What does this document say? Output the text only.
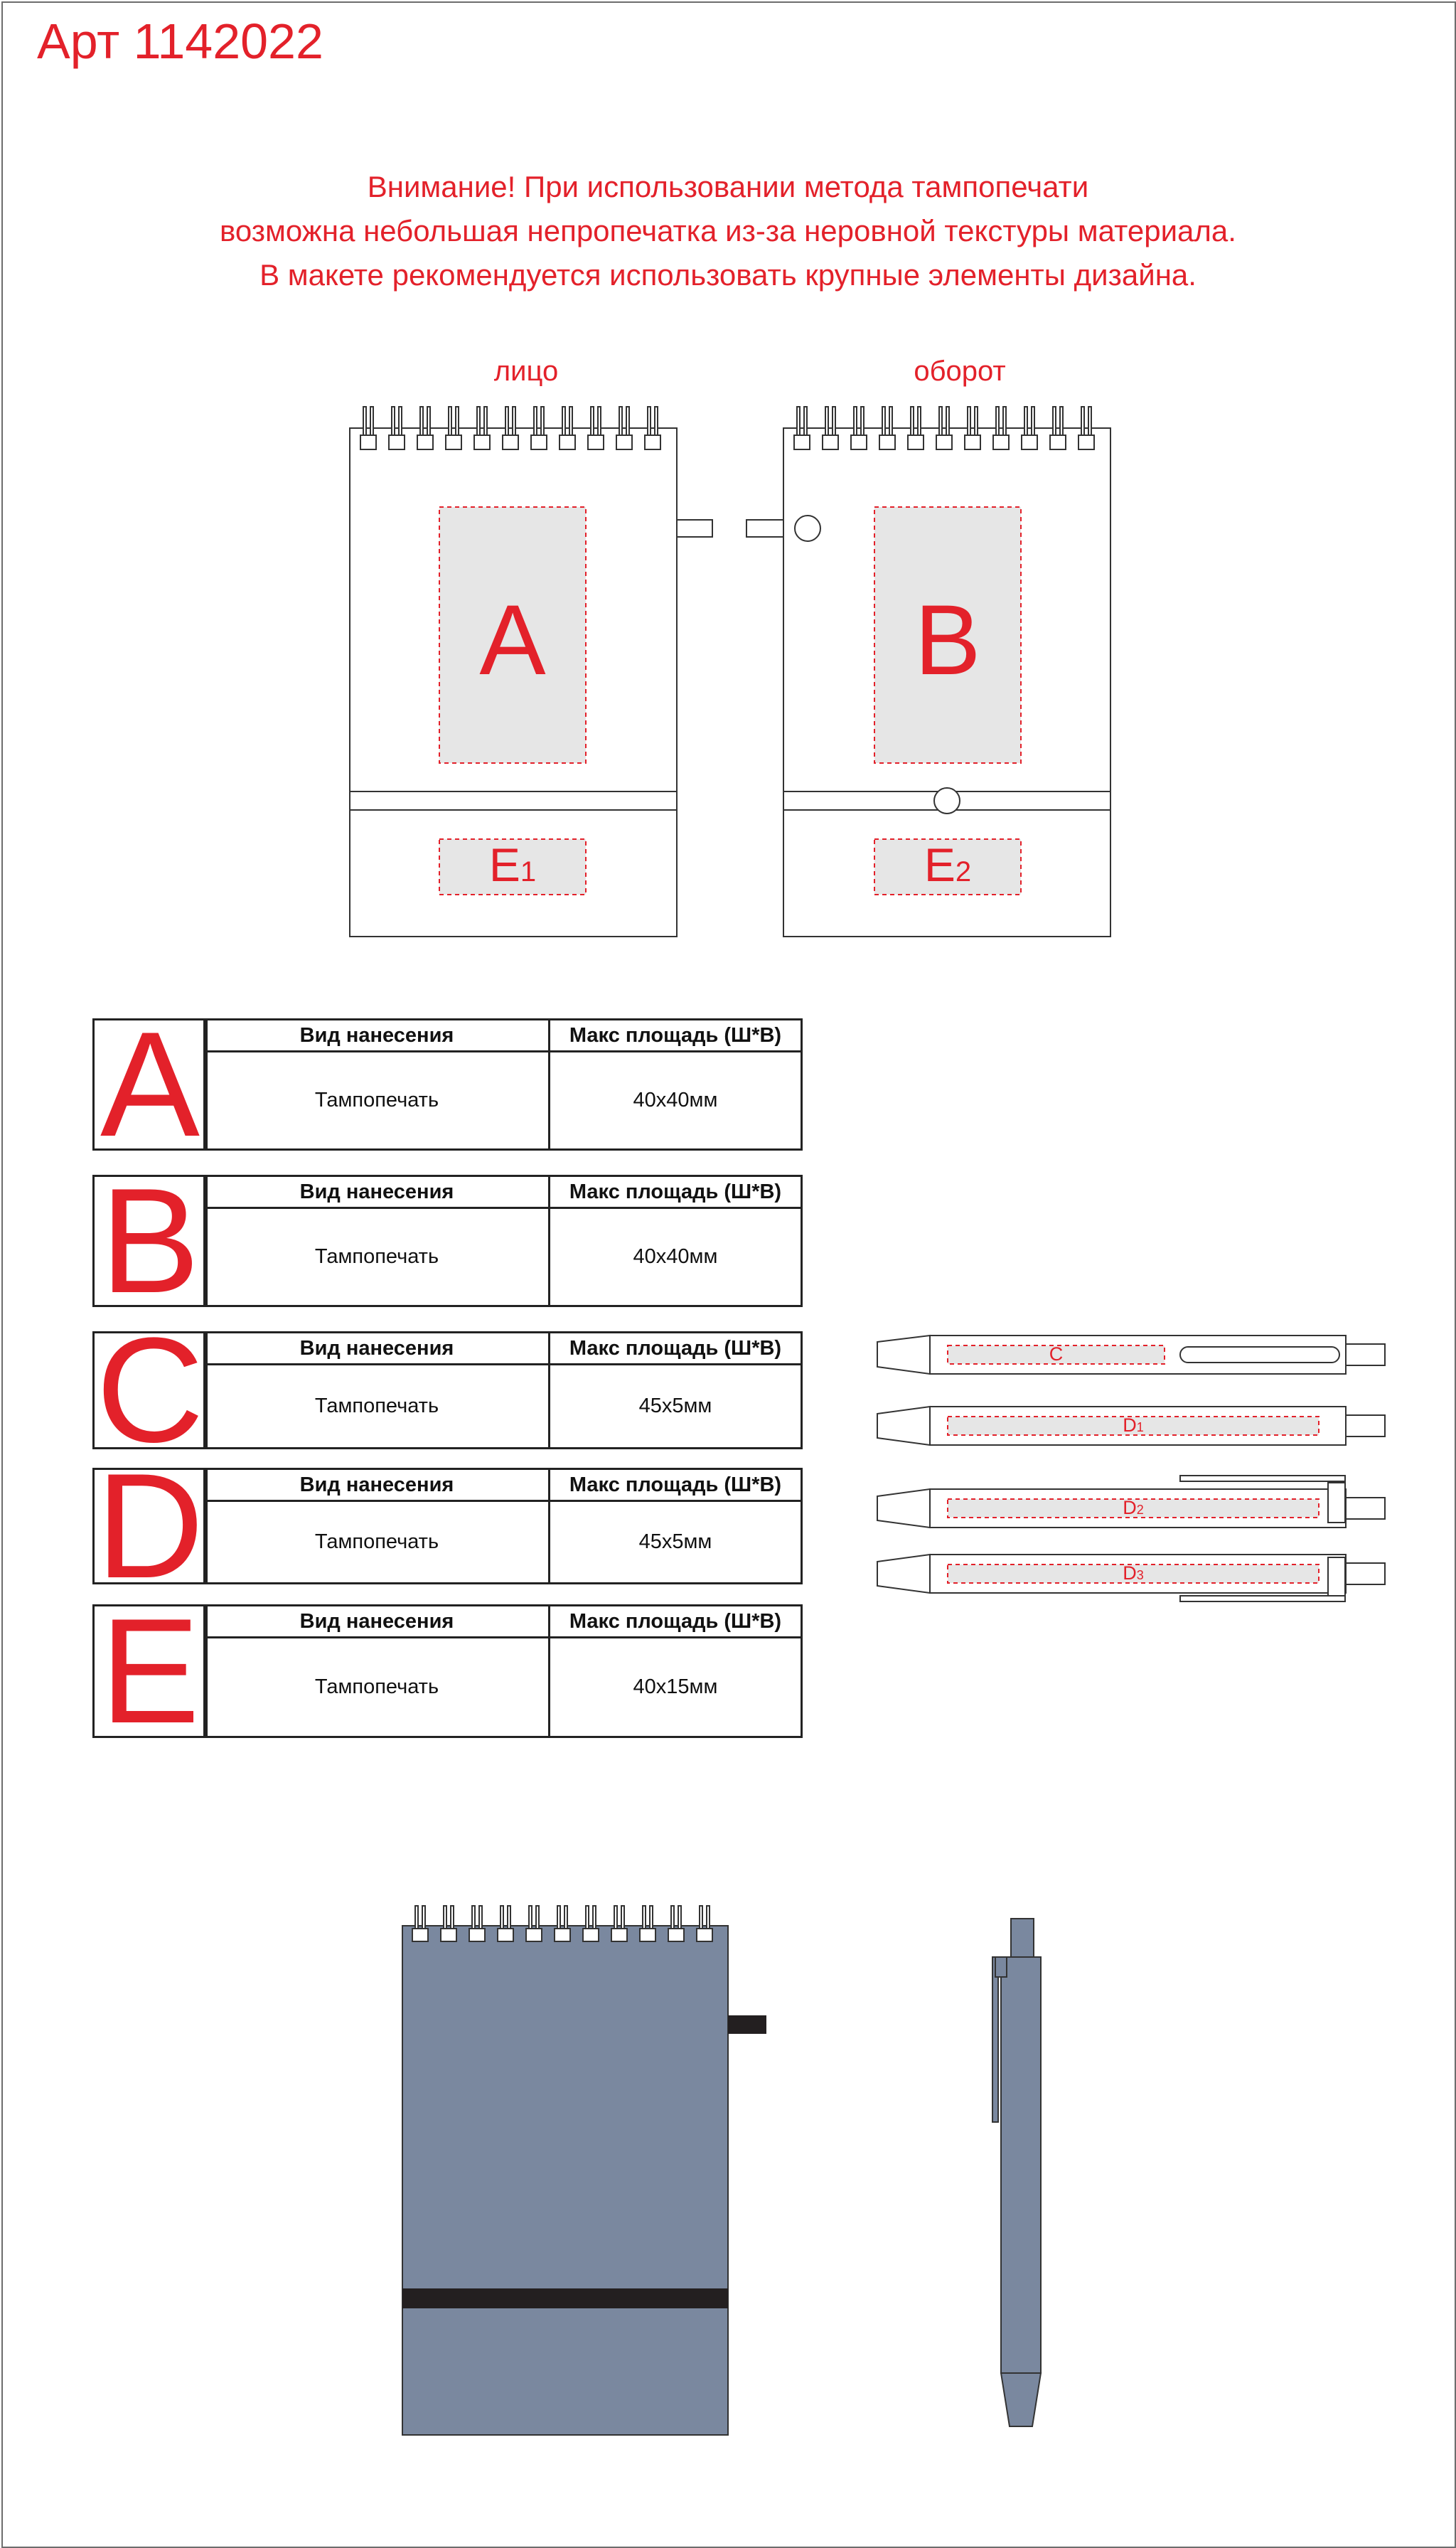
Арт 1142022
Внимание! При использовании метода тампопечати
возможна небольшая непропечатка из-за неровной текстуры материала.
В макете рекомендуется использовать крупные элементы дизайна.
лицо	оборот
A	B
E1	E2
C
D1
D2
D3
A	Вид нанесения	Макс площадь (Ш*В)
Тампопечать	40х40мм
B	Вид нанесения	Макс площадь (Ш*В)
Тампопечать	40х40мм
C	Вид нанесения	Макс площадь (Ш*В)
Тампопечать	45х5мм
D	Вид нанесения	Макс площадь (Ш*В)
Тампопечать	45х5мм
E	Вид нанесения	Макс площадь (Ш*В)
Тампопечать	40х15мм
